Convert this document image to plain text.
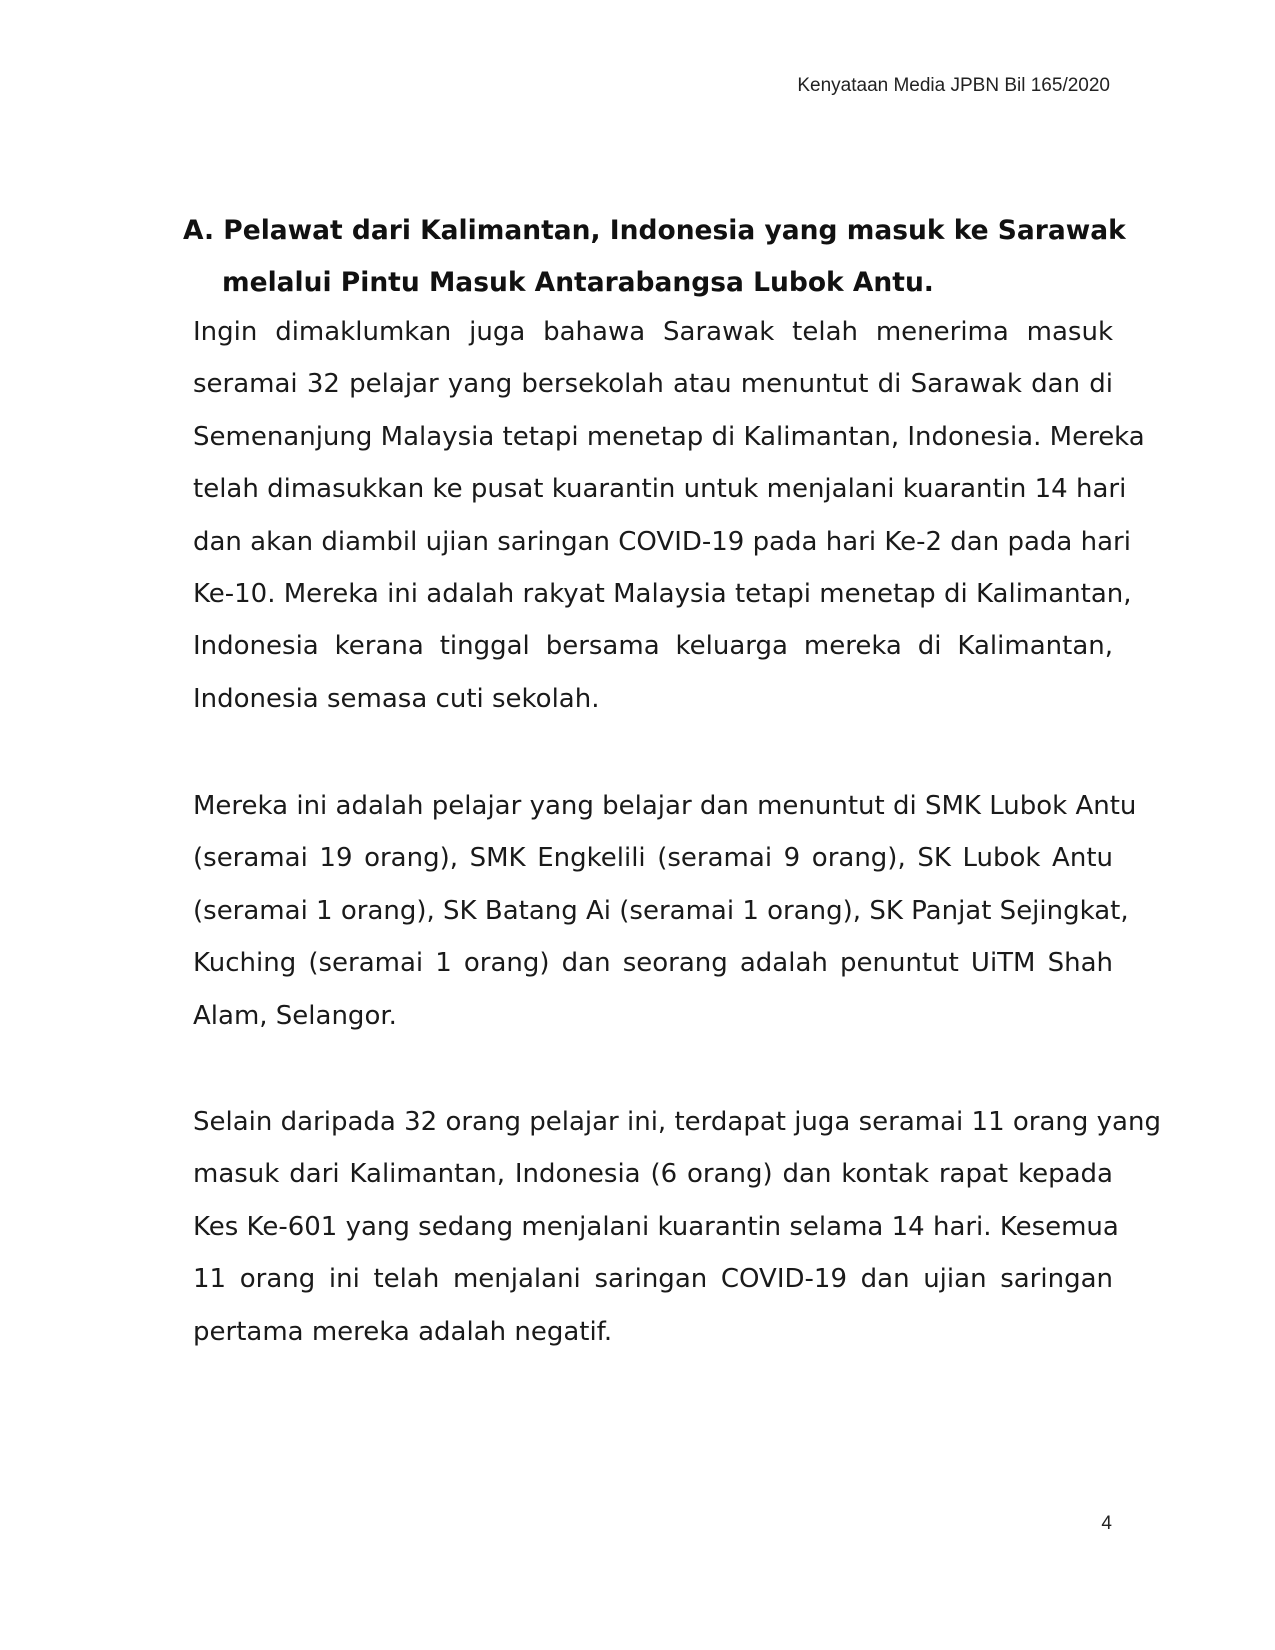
Kenyataan Media JPBN Bil 165/2020
A. Pelawat dari Kalimantan, Indonesia yang masuk ke Sarawak
melalui Pintu Masuk Antarabangsa Lubok Antu.
Ingin dimaklumkan juga bahawa Sarawak telah menerima masuk
seramai 32 pelajar yang bersekolah atau menuntut di Sarawak dan di
Semenanjung Malaysia tetapi menetap di Kalimantan, Indonesia. Mereka
telah dimasukkan ke pusat kuarantin untuk menjalani kuarantin 14 hari
dan akan diambil ujian saringan COVID-19 pada hari Ke-2 dan pada hari
Ke-10. Mereka ini adalah rakyat Malaysia tetapi menetap di Kalimantan,
Indonesia kerana tinggal bersama keluarga mereka di Kalimantan,
Indonesia semasa cuti sekolah.
Mereka ini adalah pelajar yang belajar dan menuntut di SMK Lubok Antu
(seramai 19 orang), SMK Engkelili (seramai 9 orang), SK Lubok Antu
(seramai 1 orang), SK Batang Ai (seramai 1 orang), SK Panjat Sejingkat,
Kuching (seramai 1 orang) dan seorang adalah penuntut UiTM Shah
Alam, Selangor.
Selain daripada 32 orang pelajar ini, terdapat juga seramai 11 orang yang
masuk dari Kalimantan, Indonesia (6 orang) dan kontak rapat kepada
Kes Ke-601 yang sedang menjalani kuarantin selama 14 hari. Kesemua
11 orang ini telah menjalani saringan COVID-19 dan ujian saringan
pertama mereka adalah negatif.
4
